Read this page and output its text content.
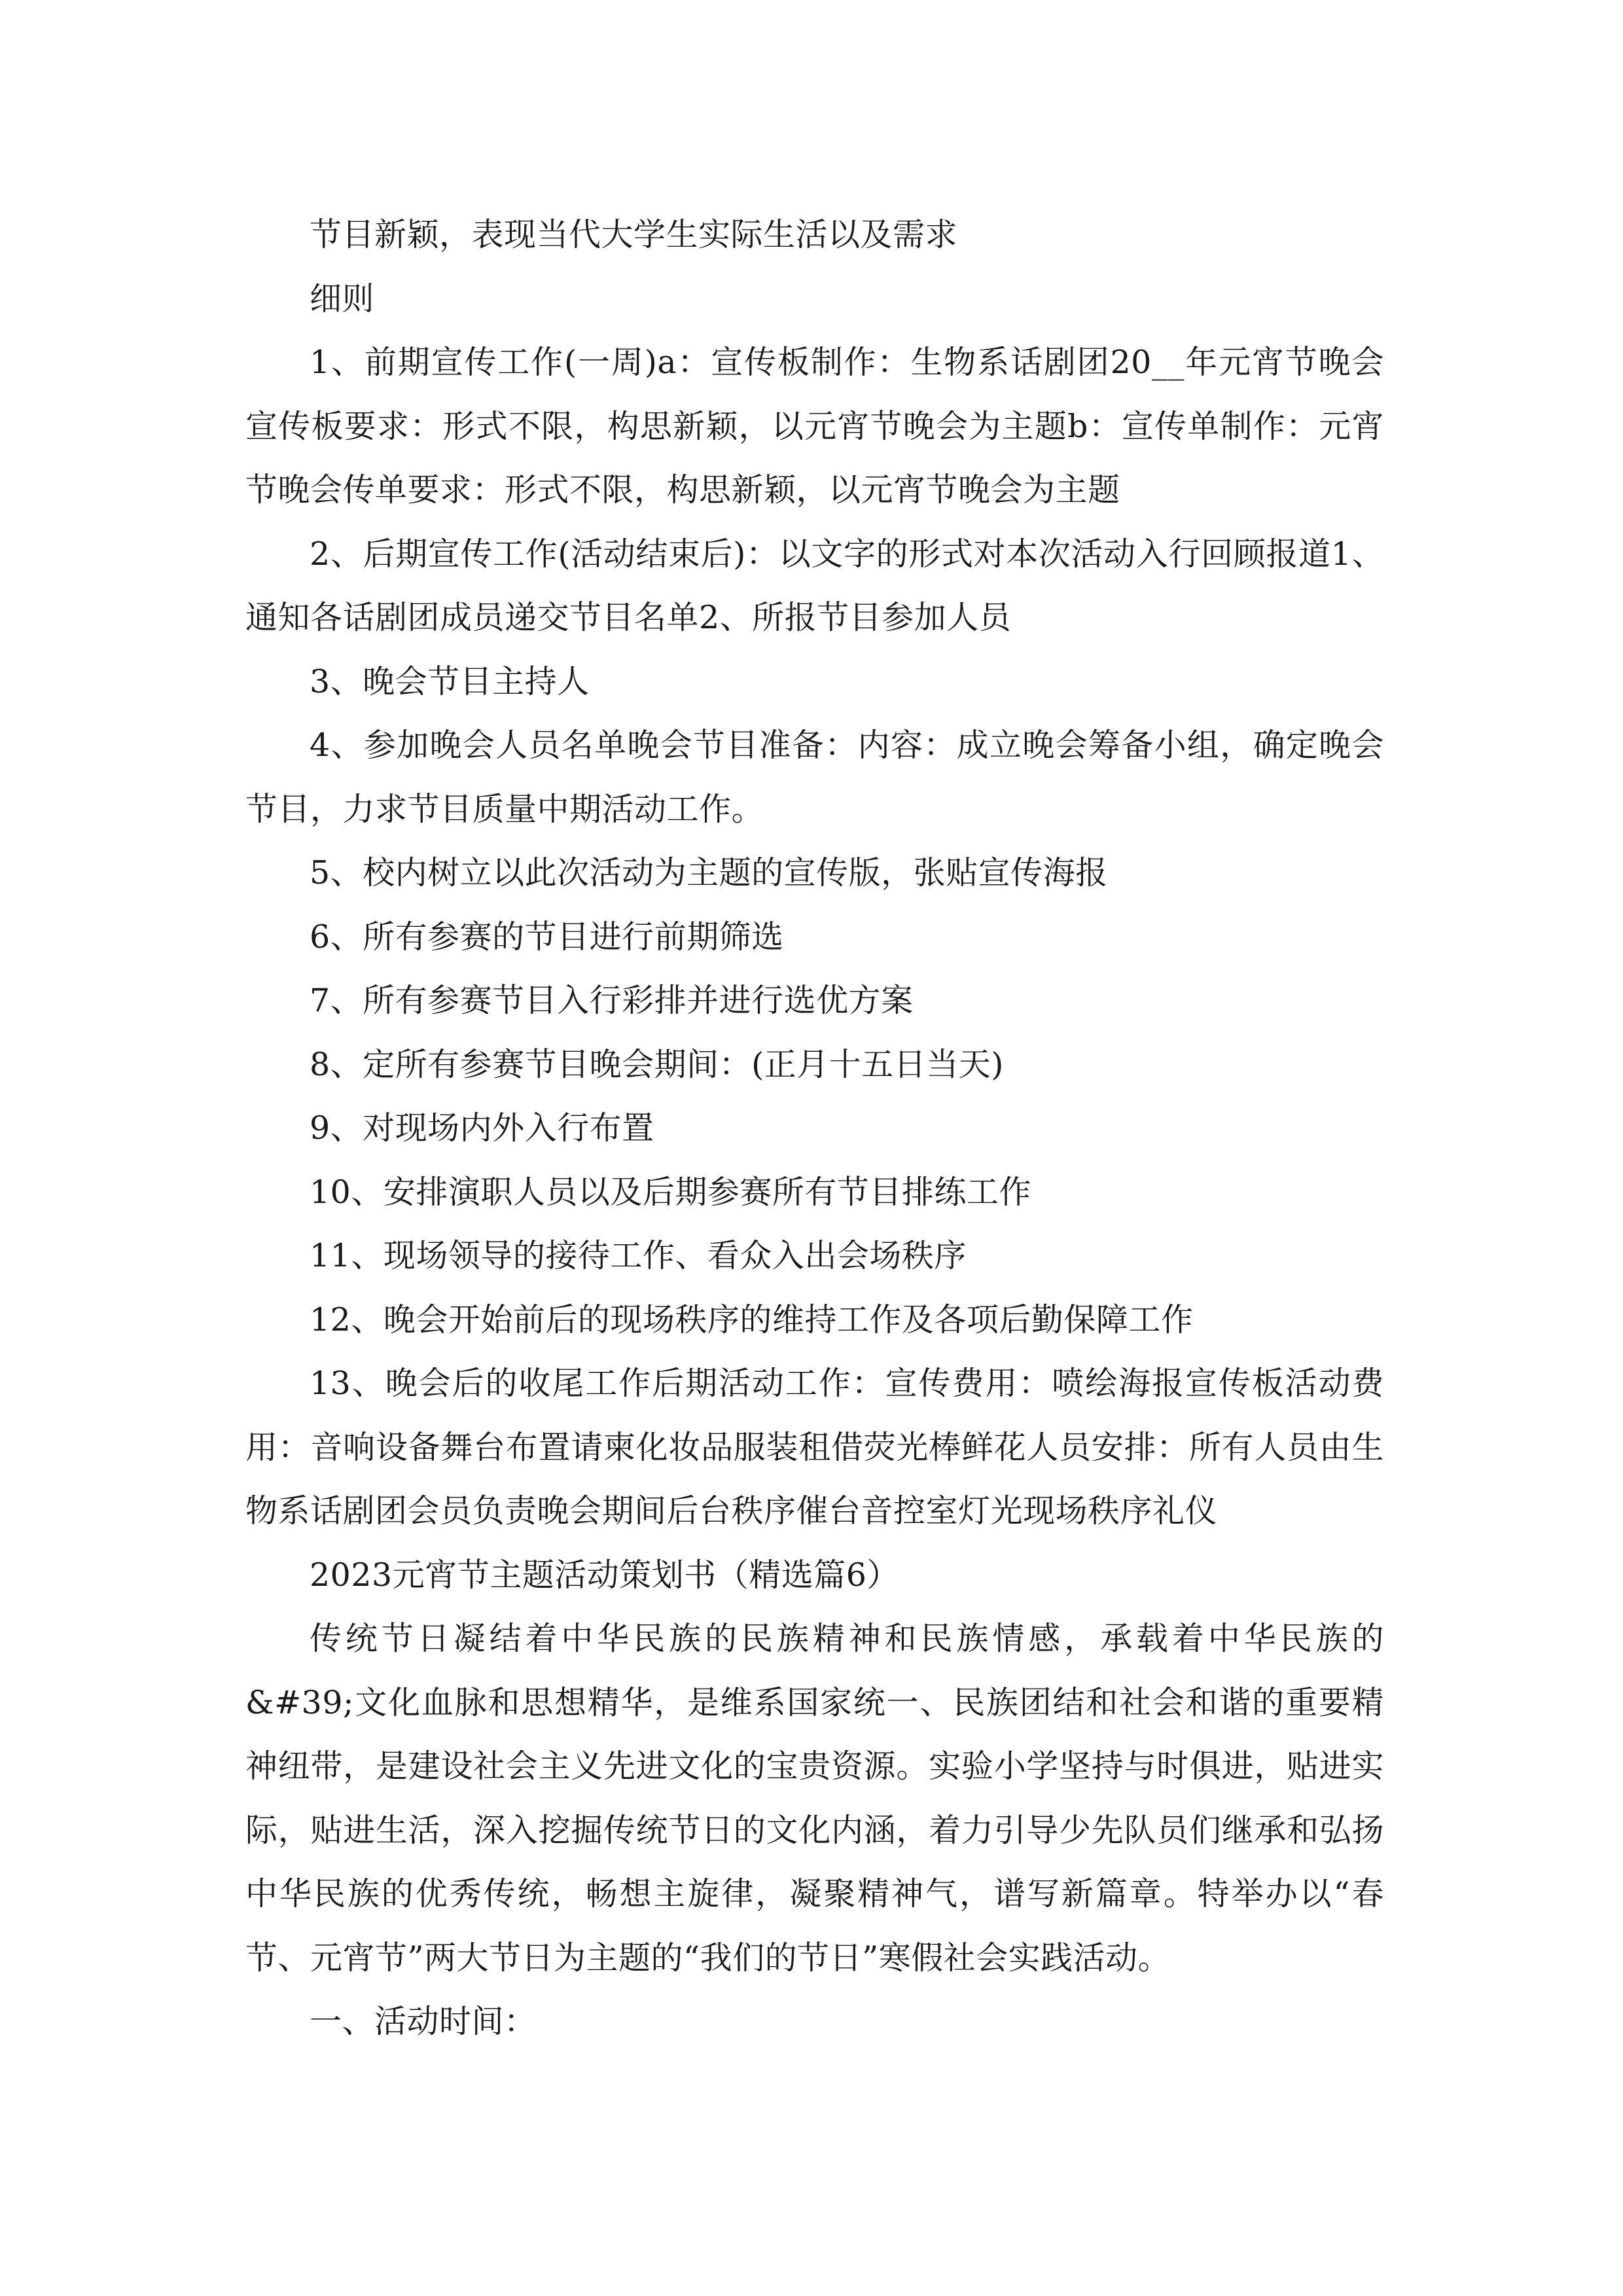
节目新颖，表现当代大学生实际生活以及需求

细则

1、前期宣传工作(一周)a：宣传板制作：生物系话剧团20__年元宵节晚会宣传板要求：形式不限，构思新颖，以元宵节晚会为主题b：宣传单制作：元宵节晚会传单要求：形式不限，构思新颖，以元宵节晚会为主题

2、后期宣传工作(活动结束后)：以文字的形式对本次活动入行回顾报道1、通知各话剧团成员递交节目名单2、所报节目参加人员

3、晚会节目主持人

4、参加晚会人员名单晚会节目准备：内容：成立晚会筹备小组，确定晚会节目，力求节目质量中期活动工作。

5、校内树立以此次活动为主题的宣传版，张贴宣传海报

6、所有参赛的节目进行前期筛选

7、所有参赛节目入行彩排并进行选优方案

8、定所有参赛节目晚会期间：(正月十五日当天)

9、对现场内外入行布置

10、安排演职人员以及后期参赛所有节目排练工作

11、现场领导的接待工作、看众入出会场秩序

12、晚会开始前后的现场秩序的维持工作及各项后勤保障工作

13、晚会后的收尾工作后期活动工作：宣传费用：喷绘海报宣传板活动费用：音响设备舞台布置请柬化妆品服装租借荧光棒鲜花人员安排：所有人员由生物系话剧团会员负责晚会期间后台秩序催台音控室灯光现场秩序礼仪

2023元宵节主题活动策划书（精选篇6）

传统节日凝结着中华民族的民族精神和民族情感，承载着中华民族的&#39;文化血脉和思想精华，是维系国家统一、民族团结和社会和谐的重要精神纽带，是建设社会主义先进文化的宝贵资源。实验小学坚持与时俱进，贴进实际，贴进生活，深入挖掘传统节日的文化内涵，着力引导少先队员们继承和弘扬中华民族的优秀传统，畅想主旋律，凝聚精神气，谱写新篇章。特举办以“春节、元宵节”两大节日为主题的“我们的节日”寒假社会实践活动。

一、活动时间：
